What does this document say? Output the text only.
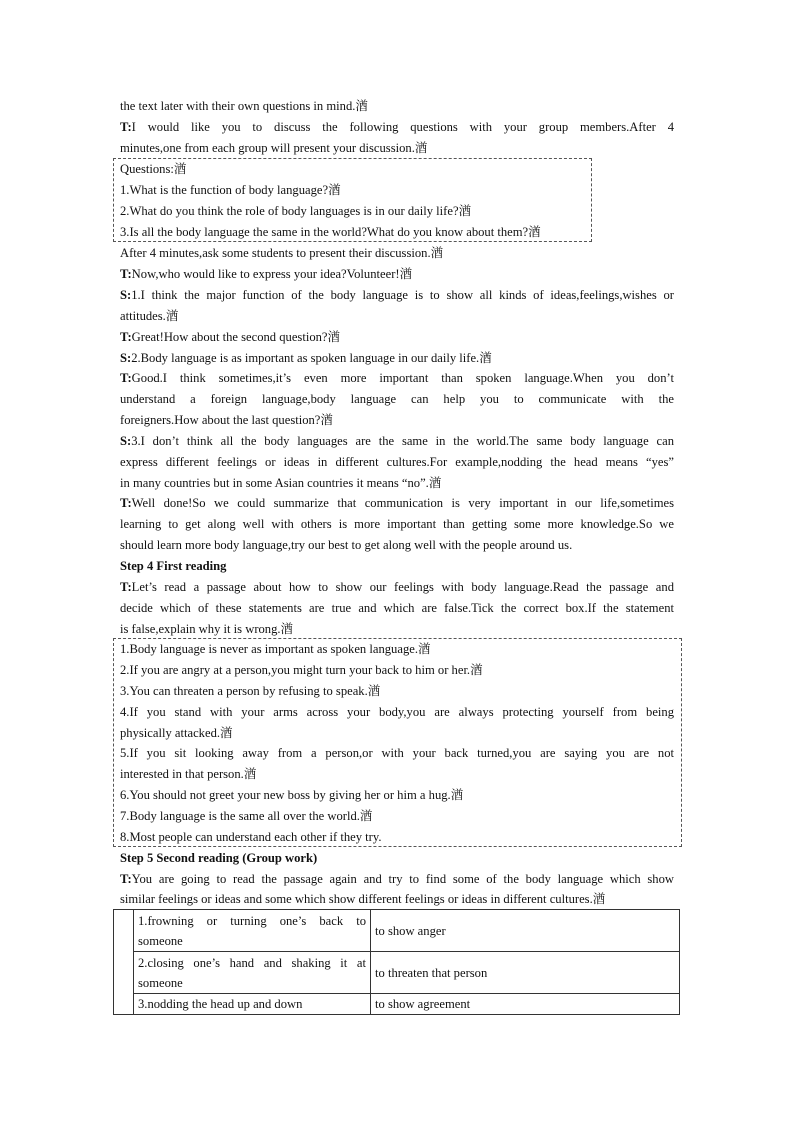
the text later with their own questions in mind.湭
T:I would like you to discuss the following questions with your group members.After 4
minutes,one from each group will present your discussion.湭
Questions:湭
1.What is the function of body language?湭
2.What do you think the role of body languages is in our daily life?湭
3.Is all the body language the same in the world?What do you know about them?湭
After 4 minutes,ask some students to present their discussion.湭
T:Now,who would like to express your idea?Volunteer!湭
S:1.I think the major function of the body language is to show all kinds of ideas,feelings,wishes or
attitudes.湭
T:Great!How about the second question?湭
S:2.Body language is as important as spoken language in our daily life.湭
T:Good.I think sometimes,it’s even more important than spoken language.When you don’t
understand a foreign language,body language can help you to communicate with the
foreigners.How about the last question?湭
S:3.I don’t think all the body languages are the same in the world.The same body language can
express different feelings or ideas in different cultures.For example,nodding the head means “yes”
in many countries but in some Asian countries it means “no”.湭
T:Well done!So we could summarize that communication is very important in our life,sometimes
learning to get along well with others is more important than getting some more knowledge.So we
should learn more body language,try our best to get along well with the people around us.
Step 4 First reading
T:Let’s read a passage about how to show our feelings with body language.Read the passage and
decide which of these statements are true and which are false.Tick the correct box.If the statement
is false,explain why it is wrong.湭
1.Body language is never as important as spoken language.湭
2.If you are angry at a person,you might turn your back to him or her.湭
3.You can threaten a person by refusing to speak.湭
4.If you stand with your arms across your body,you are always protecting yourself from being
physically attacked.湭
5.If you sit looking away from a person,or with your back turned,you are saying you are not
interested in that person.湭
6.You should not greet your new boss by giving her or him a hug.湭
7.Body language is the same all over the world.湭
8.Most people can understand each other if they try.
Step 5 Second reading (Group work)
T:You are going to read the passage again and try to find some of the body language which show
similar feelings or ideas and some which show different feelings or ideas in different cultures.湭

	1.frowning or turning one’s back to
someone	to show anger

	2.closing one’s hand and shaking it at
someone	to threaten that person
	3.nodding the head up and down	to show agreement
